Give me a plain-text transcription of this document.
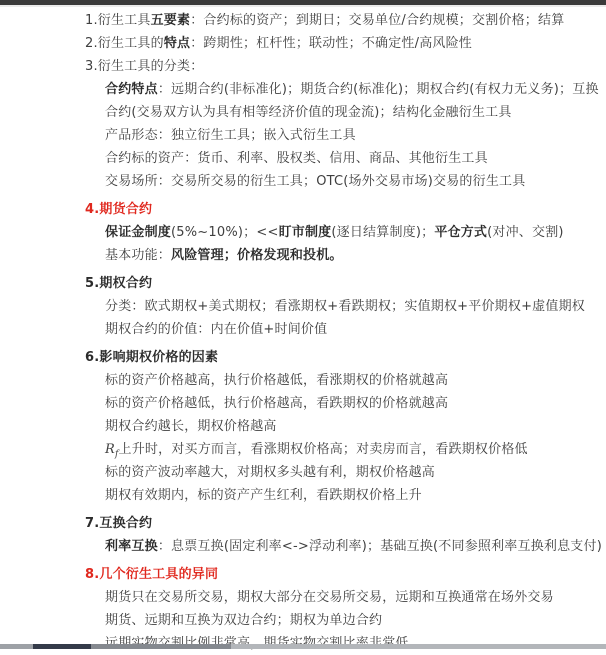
1.衍生工具五要素：合约标的资产；到期日；交易单位/合约规模；交割价格；结算
2.衍生工具的特点：跨期性；杠杆性；联动性；不确定性/高风险性
3.衍生工具的分类：
合约特点：远期合约(非标准化)；期货合约(标准化)；期权合约(有权力无义务)；互换
合约(交易双方认为具有相等经济价值的现金流)；结构化金融衍生工具
产品形态：独立衍生工具；嵌入式衍生工具
合约标的资产：货币、利率、股权类、信用、商品、其他衍生工具
交易场所：交易所交易的衍生工具；OTC(场外交易市场)交易的衍生工具
4.期货合约
保证金制度(5%~10%)；<<盯市制度(逐日结算制度)；平仓方式(对冲、交割)
基本功能：风险管理；价格发现和投机。
5.期权合约
分类：欧式期权+美式期权；看涨期权+看跌期权；实值期权+平价期权+虚值期权
期权合约的价值：内在价值+时间价值
6.影响期权价格的因素
标的资产价格越高，执行价格越低，看涨期权的价格就越高
标的资产价格越低，执行价格越高，看跌期权的价格就越高
期权合约越长，期权价格越高
$R_f$上升时，对买方而言，看涨期权价格高；对卖房而言，看跌期权价格低
标的资产波动率越大，对期权多头越有利，期权价格越高
期权有效期内，标的资产产生红利，看跌期权价格上升
7.互换合约
利率互换：息票互换(固定利率<->浮动利率)；基础互换(不同参照利率互换利息支付)
8.几个衍生工具的异同
期货只在交易所交易，期权大部分在交易所交易，远期和互换通常在场外交易
期货、远期和互换为双边合约；期权为单边合约
